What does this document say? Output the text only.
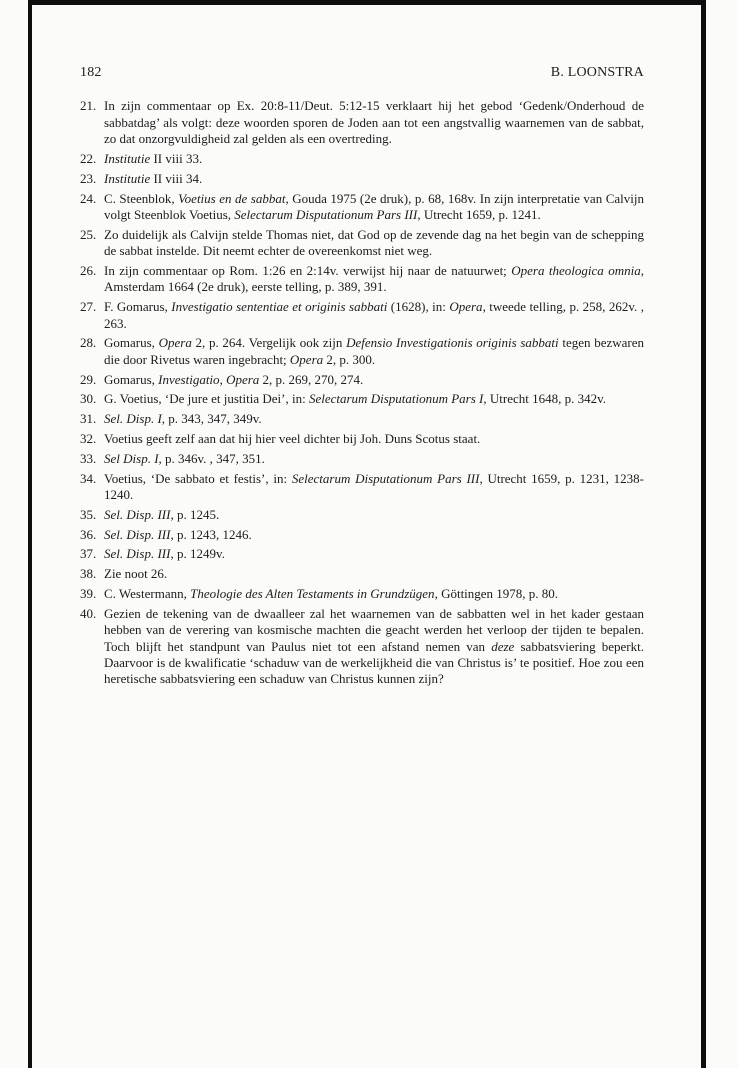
182	B. LOONSTRA
21. In zijn commentaar op Ex. 20:8-11/Deut. 5:12-15 verklaart hij het gebod ‘Gedenk/Onderhoud de sabbatdag’ als volgt: deze woorden sporen de Joden aan tot een angstvallig waarnemen van de sabbat, zo dat onzorgvuldigheid zal gelden als een overtreding.
22. Institutie II viii 33.
23. Institutie II viii 34.
24. C. Steenblok, Voetius en de sabbat, Gouda 1975 (2e druk), p. 68, 168v. In zijn interpretatie van Calvijn volgt Steenblok Voetius, Selectarum Disputationum Pars III, Utrecht 1659, p. 1241.
25. Zo duidelijk als Calvijn stelde Thomas niet, dat God op de zevende dag na het begin van de schepping de sabbat instelde. Dit neemt echter de overeenkomst niet weg.
26. In zijn commentaar op Rom. 1:26 en 2:14v. verwijst hij naar de natuurwet; Opera theologica omnia, Amsterdam 1664 (2e druk), eerste telling, p. 389, 391.
27. F. Gomarus, Investigatio sententiae et originis sabbati (1628), in: Opera, tweede telling, p. 258, 262v. , 263.
28. Gomarus, Opera 2, p. 264. Vergelijk ook zijn Defensio Investigationis originis sabbati tegen bezwaren die door Rivetus waren ingebracht; Opera 2, p. 300.
29. Gomarus, Investigatio, Opera 2, p. 269, 270, 274.
30. G. Voetius, ‘De jure et justitia Dei’, in: Selectarum Disputationum Pars I, Utrecht 1648, p. 342v.
31. Sel. Disp. I, p. 343, 347, 349v.
32. Voetius geeft zelf aan dat hij hier veel dichter bij Joh. Duns Scotus staat.
33. Sel Disp. I, p. 346v. , 347, 351.
34. Voetius, ‘De sabbato et festis’, in: Selectarum Disputationum Pars III, Utrecht 1659, p. 1231, 1238-1240.
35. Sel. Disp. III, p. 1245.
36. Sel. Disp. III, p. 1243, 1246.
37. Sel. Disp. III, p. 1249v.
38. Zie noot 26.
39. C. Westermann, Theologie des Alten Testaments in Grundzügen, Göttingen 1978, p. 80.
40. Gezien de tekening van de dwaalleer zal het waarnemen van de sabbatten wel in het kader gestaan hebben van de verering van kosmische machten die geacht werden het verloop der tijden te bepalen. Toch blijft het standpunt van Paulus niet tot een afstand nemen van deze sabbatsviering beperkt. Daarvoor is de kwalificatie ‘schaduw van de werkelijkheid die van Christus is’ te positief. Hoe zou een heretische sabbatsviering een schaduw van Christus kunnen zijn?
